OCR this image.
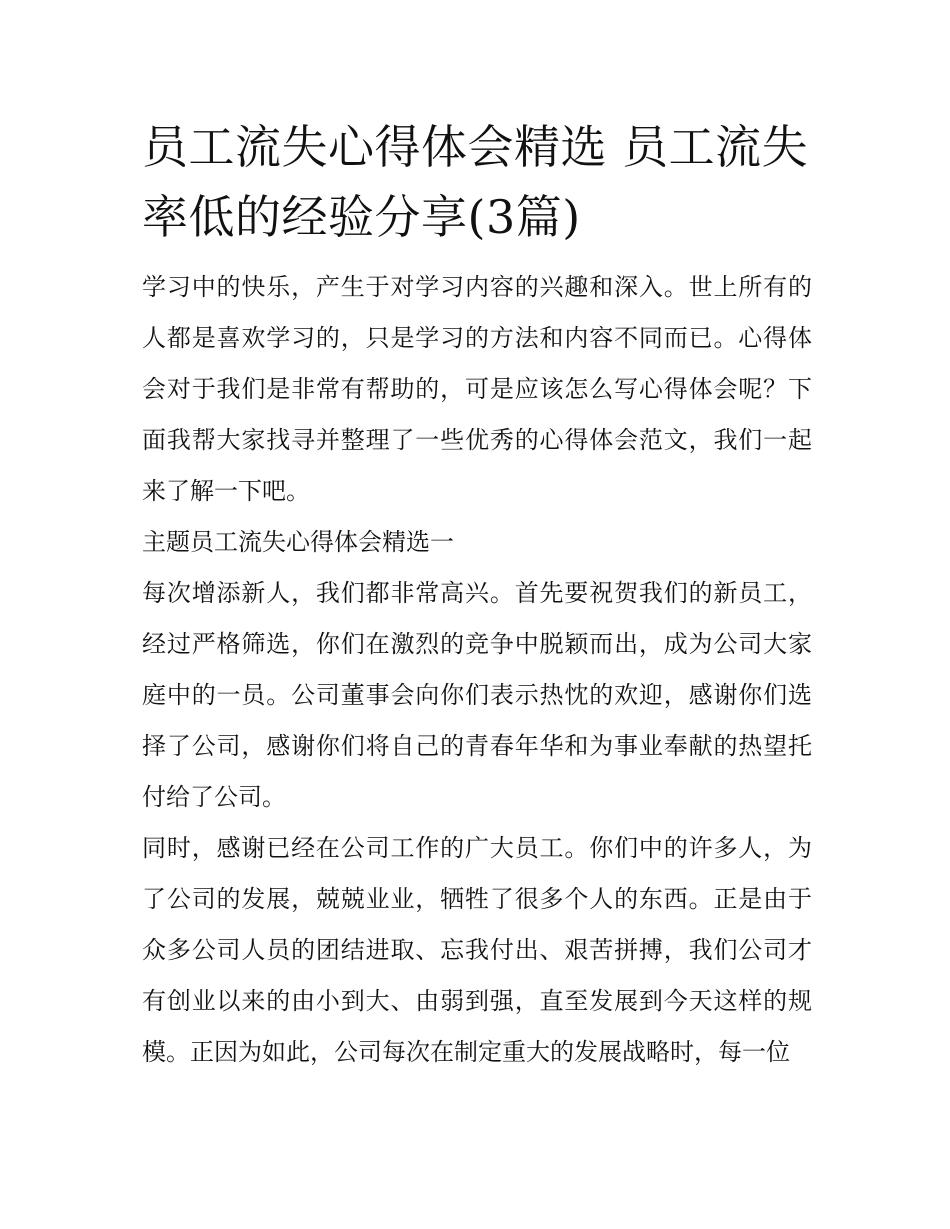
员工流失心得体会精选 员工流失率低的经验分享(3篇)

学习中的快乐，产生于对学习内容的兴趣和深入。世上所有的人都是喜欢学习的，只是学习的方法和内容不同而已。心得体会对于我们是非常有帮助的，可是应该怎么写心得体会呢？下面我帮大家找寻并整理了一些优秀的心得体会范文，我们一起来了解一下吧。

主题员工流失心得体会精选一

每次增添新人，我们都非常高兴。首先要祝贺我们的新员工，经过严格筛选，你们在激烈的竞争中脱颖而出，成为公司大家庭中的一员。公司董事会向你们表示热忱的欢迎，感谢你们选择了公司，感谢你们将自己的青春年华和为事业奉献的热望托付给了公司。

同时，感谢已经在公司工作的广大员工。你们中的许多人，为了公司的发展，兢兢业业，牺牲了很多个人的东西。正是由于众多公司人员的团结进取、忘我付出、艰苦拼搏，我们公司才有创业以来的由小到大、由弱到强，直至发展到今天这样的规模。正因为如此，公司每次在制定重大的发展战略时，每一位
